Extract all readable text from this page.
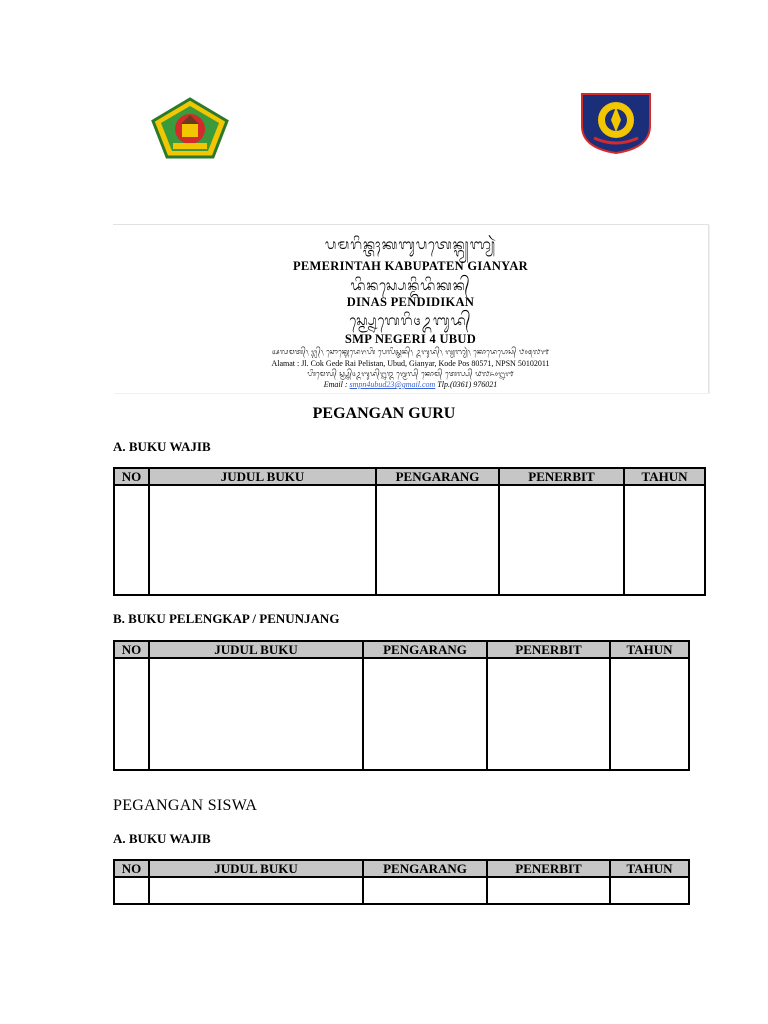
ᬧᬫᬭᬶᬦ᭄ᬢᬄᬓᬩᬸᬧᬢᬾᬦ᭄ᬕ᭄ᬬᬜ᭄ᬬᬃ
PEMERINTAH KABUPATEN GIANYAR
ᬤᬶᬦᬲ᭄ᬧᬾᬦ᭄ᬤᬶᬤᬶᬓᬦ᭄
DINAS PENDIDIKAN
ᬲ᭄ᬫ᭄ᬧ᭄ᬦᬾᬕᬾᬭᬶ᭔ᬉᬩᬸᬤ᭄
SMP NEGERI 4 UBUD
ᬅᬮᬫᬢ᭄᭞ ᬚ᭄ᬮ᭄᭞ ᬘᭀᬓ᭄ᬕᬾᬤᬾᬭᬳᬶ ᬧᬾᬮᬶᬲ᭄ᬢᬦ᭄᭞ ᬉᬩᬸᬤ᭄᭞ ᬕ᭄ᬬᬜ᭄ᬬᬃ᭞ ᬓᭀᬤᬾᬧᭀᬲ᭄ ᭘᭐᭕᭗᭑
Alamat : Jl. Cok Gede Rai Pelistan, Ubud, Gianyar, Kode Pos 80571, NPSN 50102011
ᬳᬶᬫᬾᬮ᭄ ᬲ᭄ᬫ᭄ᬧ᭄ᬦ᭄᭔ᬉᬩᬸᬤ᭄᭒᭓ ᬕ᭄ᬫᬾᬮ᭄ ᬓᭀᬫ᭄ ᬢᬾᬮ᭄ᬧ᭄ ᭙᭗᭖᭐᭒᭑
Email : smpn4ubud23@gmail.com Tlp.(0361) 976021
PEGANGAN GURU
A. BUKU WAJIB
NO	JUDUL BUKU	PENGARANG	PENERBIT	TAHUN

B. BUKU PELENGKAP / PENUNJANG
NO	JUDUL BUKU	PENGARANG	PENERBIT	TAHUN

PEGANGAN SISWA
A. BUKU WAJIB
NO	JUDUL BUKU	PENGARANG	PENERBIT	TAHUN
